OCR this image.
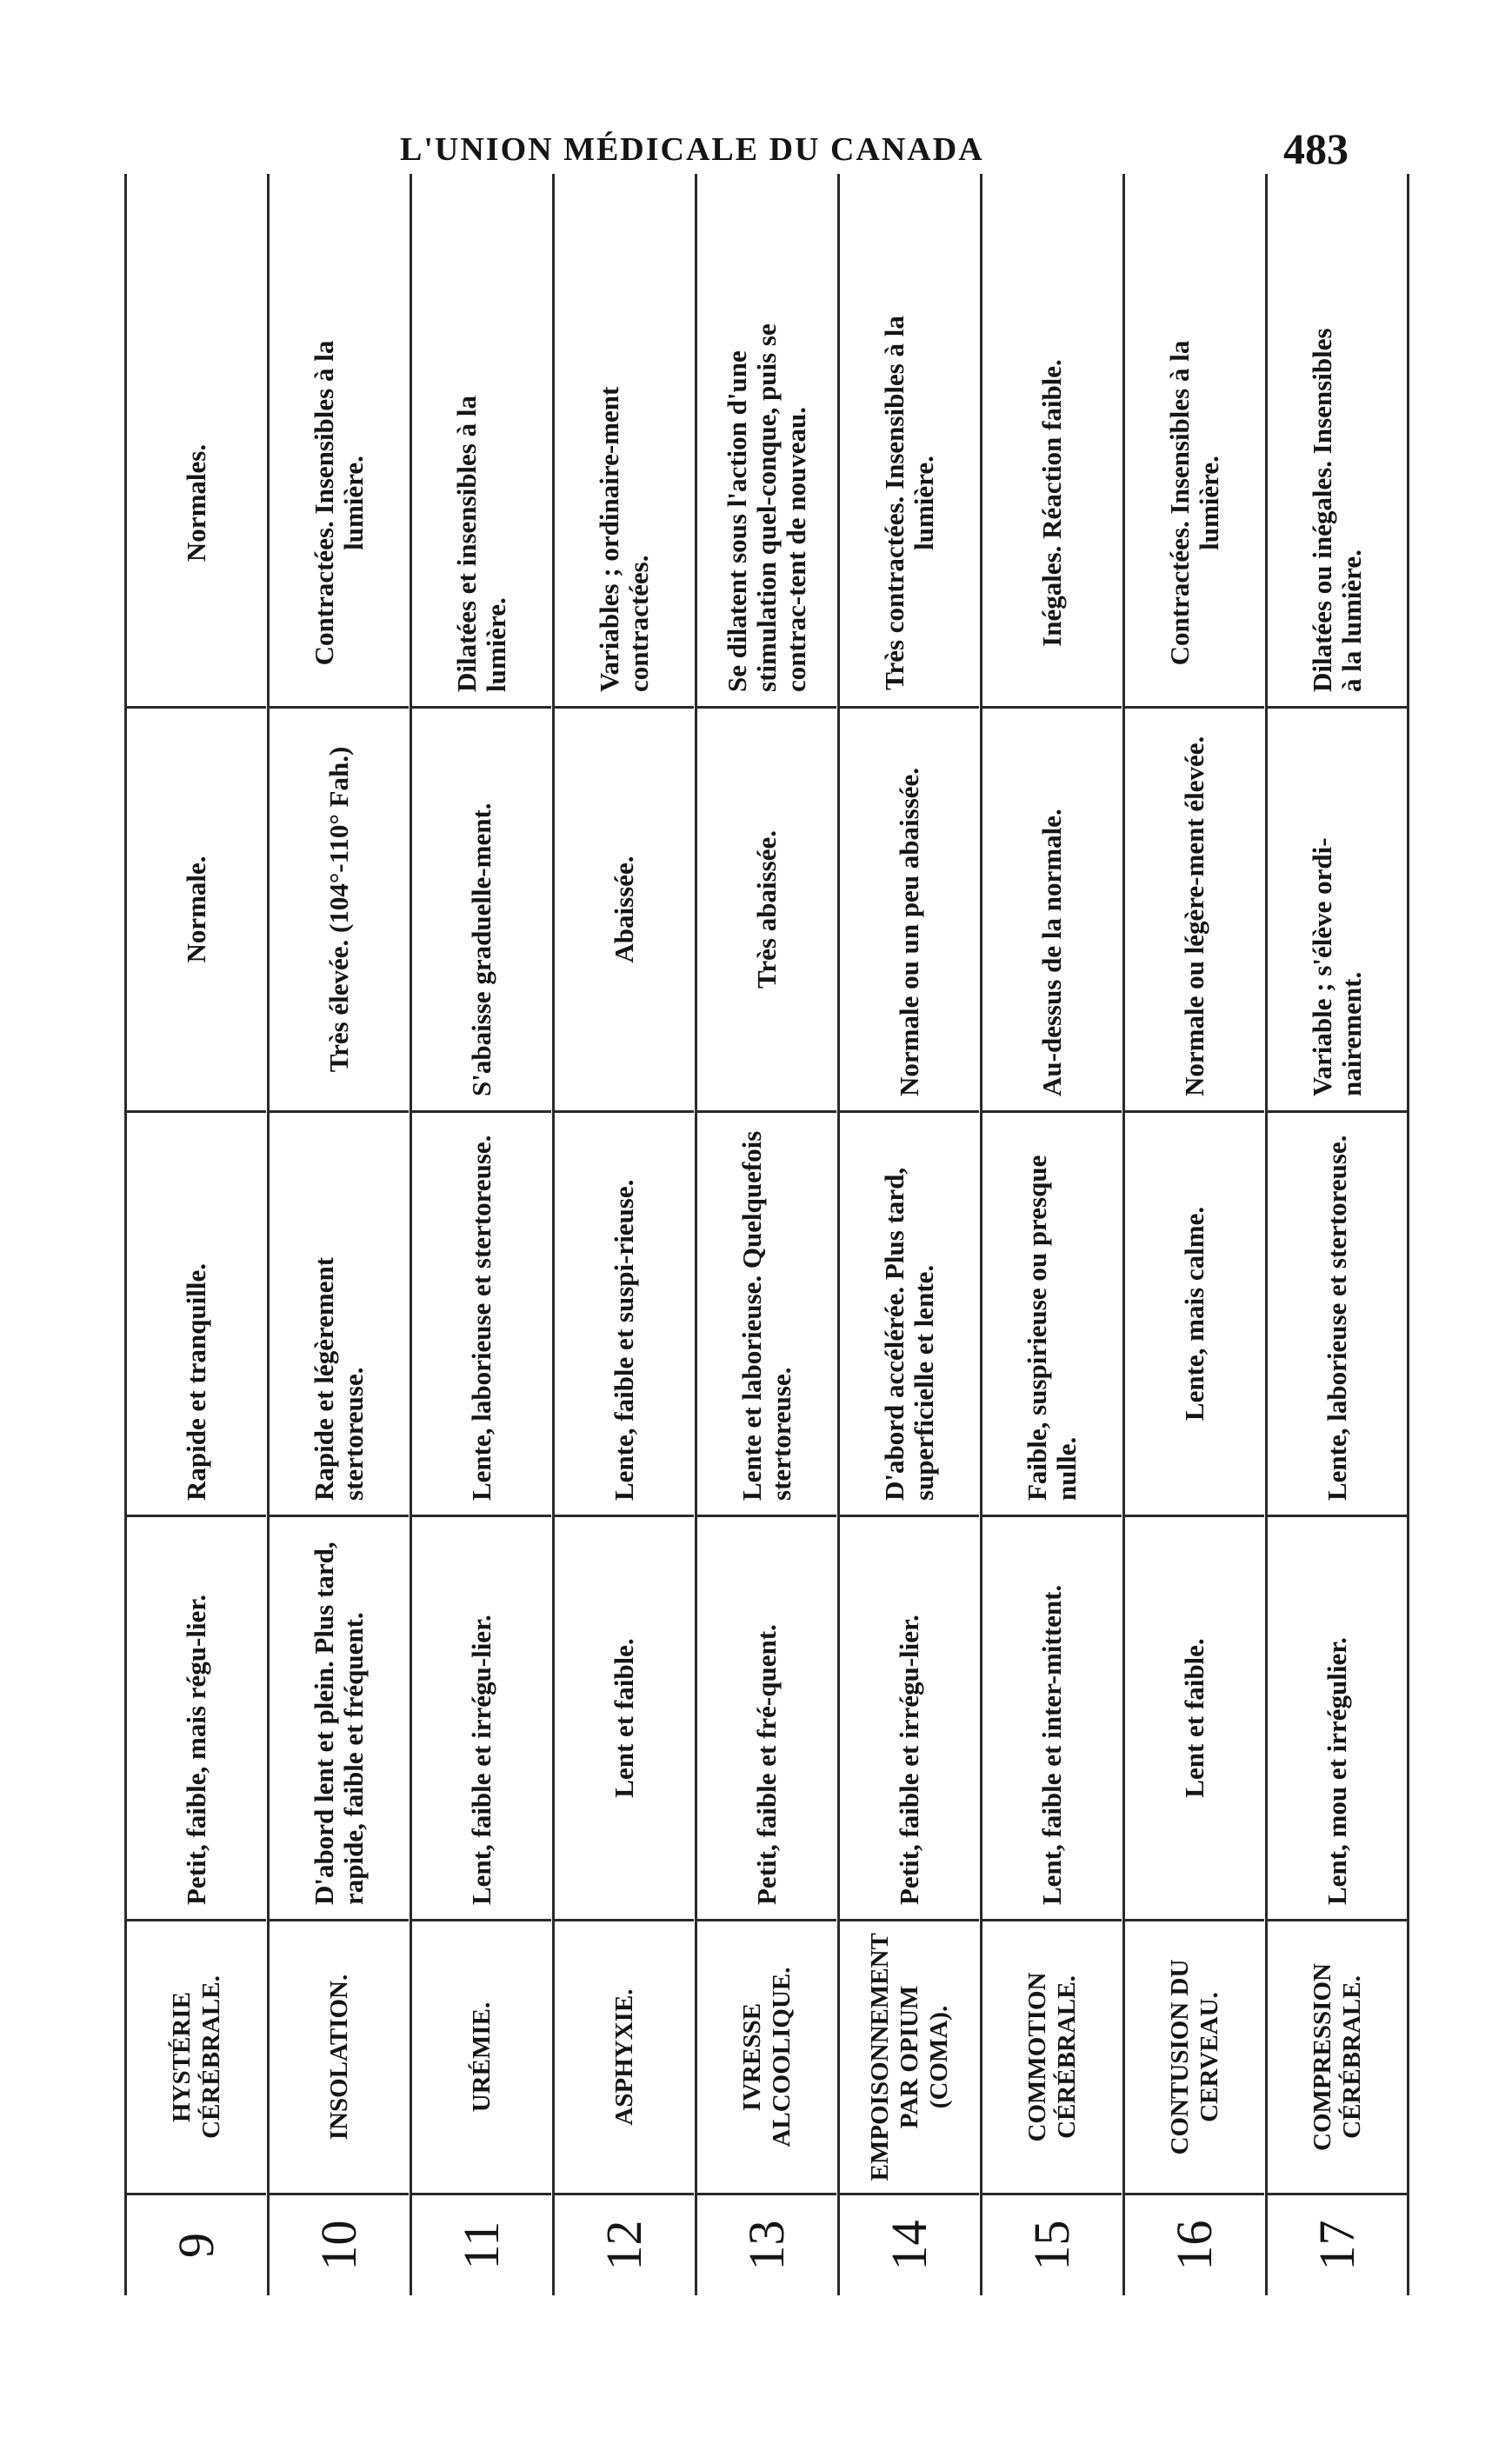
L'UNION MÉDICALE DU CANADA	483
9
HYSTÉRIE CÉRÉBRALE.
Petit, faible, mais régu-lier.
Rapide et tranquille.
Normale.
Normales.
10
INSOLATION.
D'abord lent et plein. Plus tard, rapide, faible et fréquent.
Rapide et légèrement stertoreuse.
Très élevée. (104°-110° Fah.)
Contractées. Insensibles à la lumière.
11
URÉMIE.
Lent, faible et irrégu-lier.
Lente, laborieuse et stertoreuse.
S'abaisse graduelle-ment.
Dilatées et insensibles à la lumière.
12
ASPHYXIE.
Lent et faible.
Lente, faible et suspi-rieuse.
Abaissée.
Variables ; ordinaire-ment contractées.
13
IVRESSE ALCOOLIQUE.
Petit, faible et fré-quent.
Lente et laborieuse. Quelquefois stertoreuse.
Très abaissée.
Se dilatent sous l'action d'une stimulation quel-conque, puis se contrac-tent de nouveau.
14
EMPOISONNEMENT PAR OPIUM (COMA).
Petit, faible et irrégu-lier.
D'abord accélérée. Plus tard, superficielle et lente.
Normale ou un peu abaissée.
Très contractées. Insensibles à la lumière.
15
COMMOTION CÉRÉBRALE.
Lent, faible et inter-mittent.
Faible, suspirieuse ou presque nulle.
Au-dessus de la normale.
Inégales. Réaction faible.
16
CONTUSION DU CERVEAU.
Lent et faible.
Lente, mais calme.
Normale ou légère-ment élevée.
Contractées. Insensibles à la lumière.
17
COMPRESSION CÉRÉBRALE.
Lent, mou et irrégulier.
Lente, laborieuse et stertoreuse.
Variable ; s'élève ordi-nairement.
Dilatées ou inégales. Insensibles à la lumière.
